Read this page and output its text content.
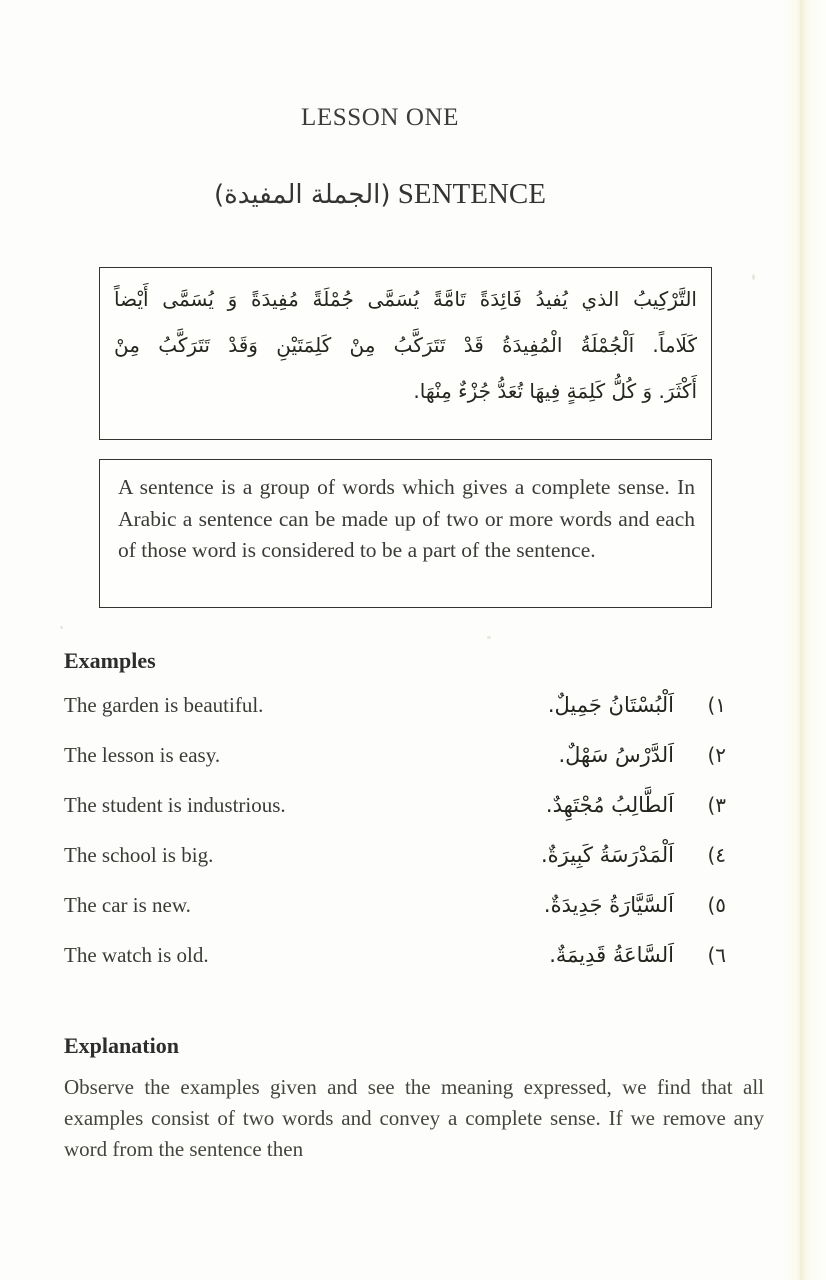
LESSON ONE
(الجملة المفيدة) SENTENCE
التَّرْكِيبُ الذي يُفيدُ فَائِدَةً تَامَّةً يُسَمَّى جُمْلَةً مُفِيدَةً وَ يُسَمَّى أَيْضاً
كَلَاماً. اَلْجُمْلَةُ الْمُفِيدَةُ قَدْ تَتَرَكَّبُ مِنْ كَلِمَتَيْنِ وَقَدْ تَتَرَكَّبُ مِنْ
أَكْثَرَ. وَ كُلُّ كَلِمَةٍ فِيهَا تُعَدُّ جُزْءٌ مِنْهَا.
A sentence is a group of words which gives a complete sense. In Arabic a sentence can be made up of two or more words and each of those word is considered to be a part of the sentence.
Examples
The garden is beautiful.	اَلْبُسْتَانُ جَمِيلٌ.	١)
The lesson is easy.	اَلدَّرْسُ سَهْلٌ.	٢)
The student is industrious.	اَلطَّالِبُ مُجْتَهِدٌ.	٣)
The school is big.	اَلْمَدْرَسَةُ كَبِيرَةٌ.	٤)
The car is new.	اَلسَّيَّارَةُ جَدِيدَةٌ.	٥)
The watch is old.	اَلسَّاعَةُ قَدِيمَةٌ.	٦)
Explanation
Observe the examples given and see the meaning expressed, we find that all examples consist of two words and convey a complete sense. If we remove any word from the sentence then
